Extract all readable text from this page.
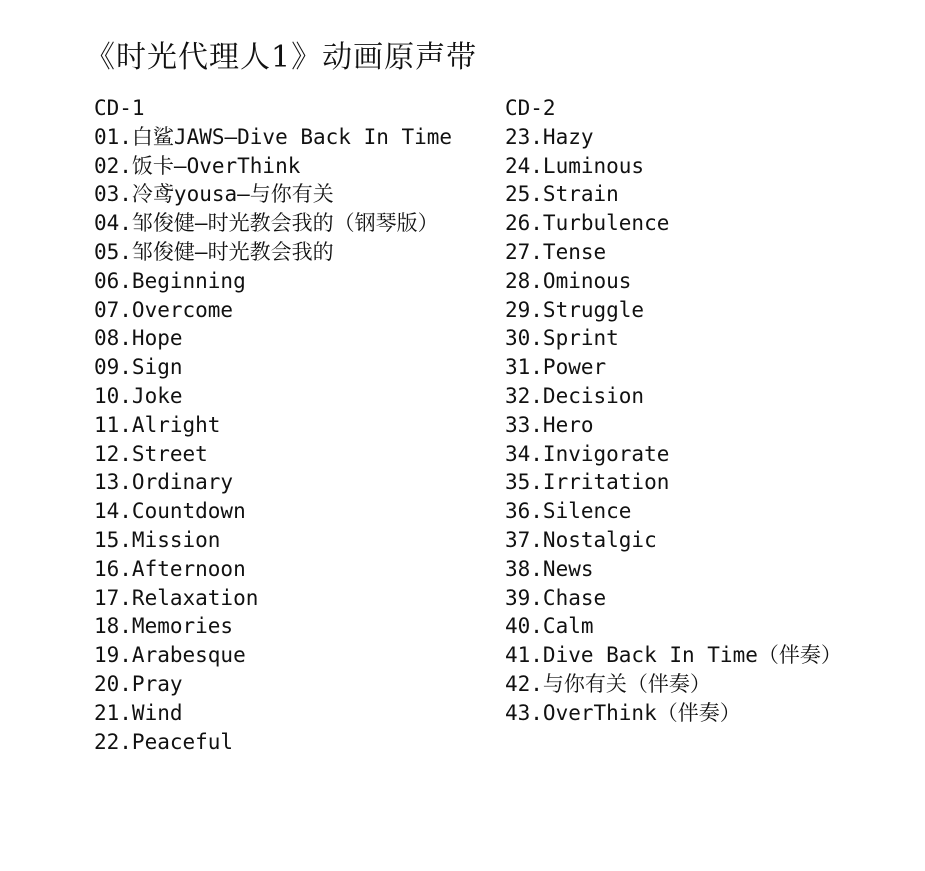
《时光代理人1》动画原声带
CD-1
01.白鲨JAWS—Dive Back In Time
02.饭卡—OverThink
03.冷鸢yousa—与你有关
04.邹俊健—时光教会我的（钢琴版）
05.邹俊健—时光教会我的
06.Beginning
07.Overcome
08.Hope
09.Sign
10.Joke
11.Alright
12.Street
13.Ordinary
14.Countdown
15.Mission
16.Afternoon
17.Relaxation
18.Memories
19.Arabesque
20.Pray
21.Wind
22.Peaceful
CD-2
23.Hazy
24.Luminous
25.Strain
26.Turbulence
27.Tense
28.Ominous
29.Struggle
30.Sprint
31.Power
32.Decision
33.Hero
34.Invigorate
35.Irritation
36.Silence
37.Nostalgic
38.News
39.Chase
40.Calm
41.Dive Back In Time（伴奏）
42.与你有关（伴奏）
43.OverThink（伴奏）
